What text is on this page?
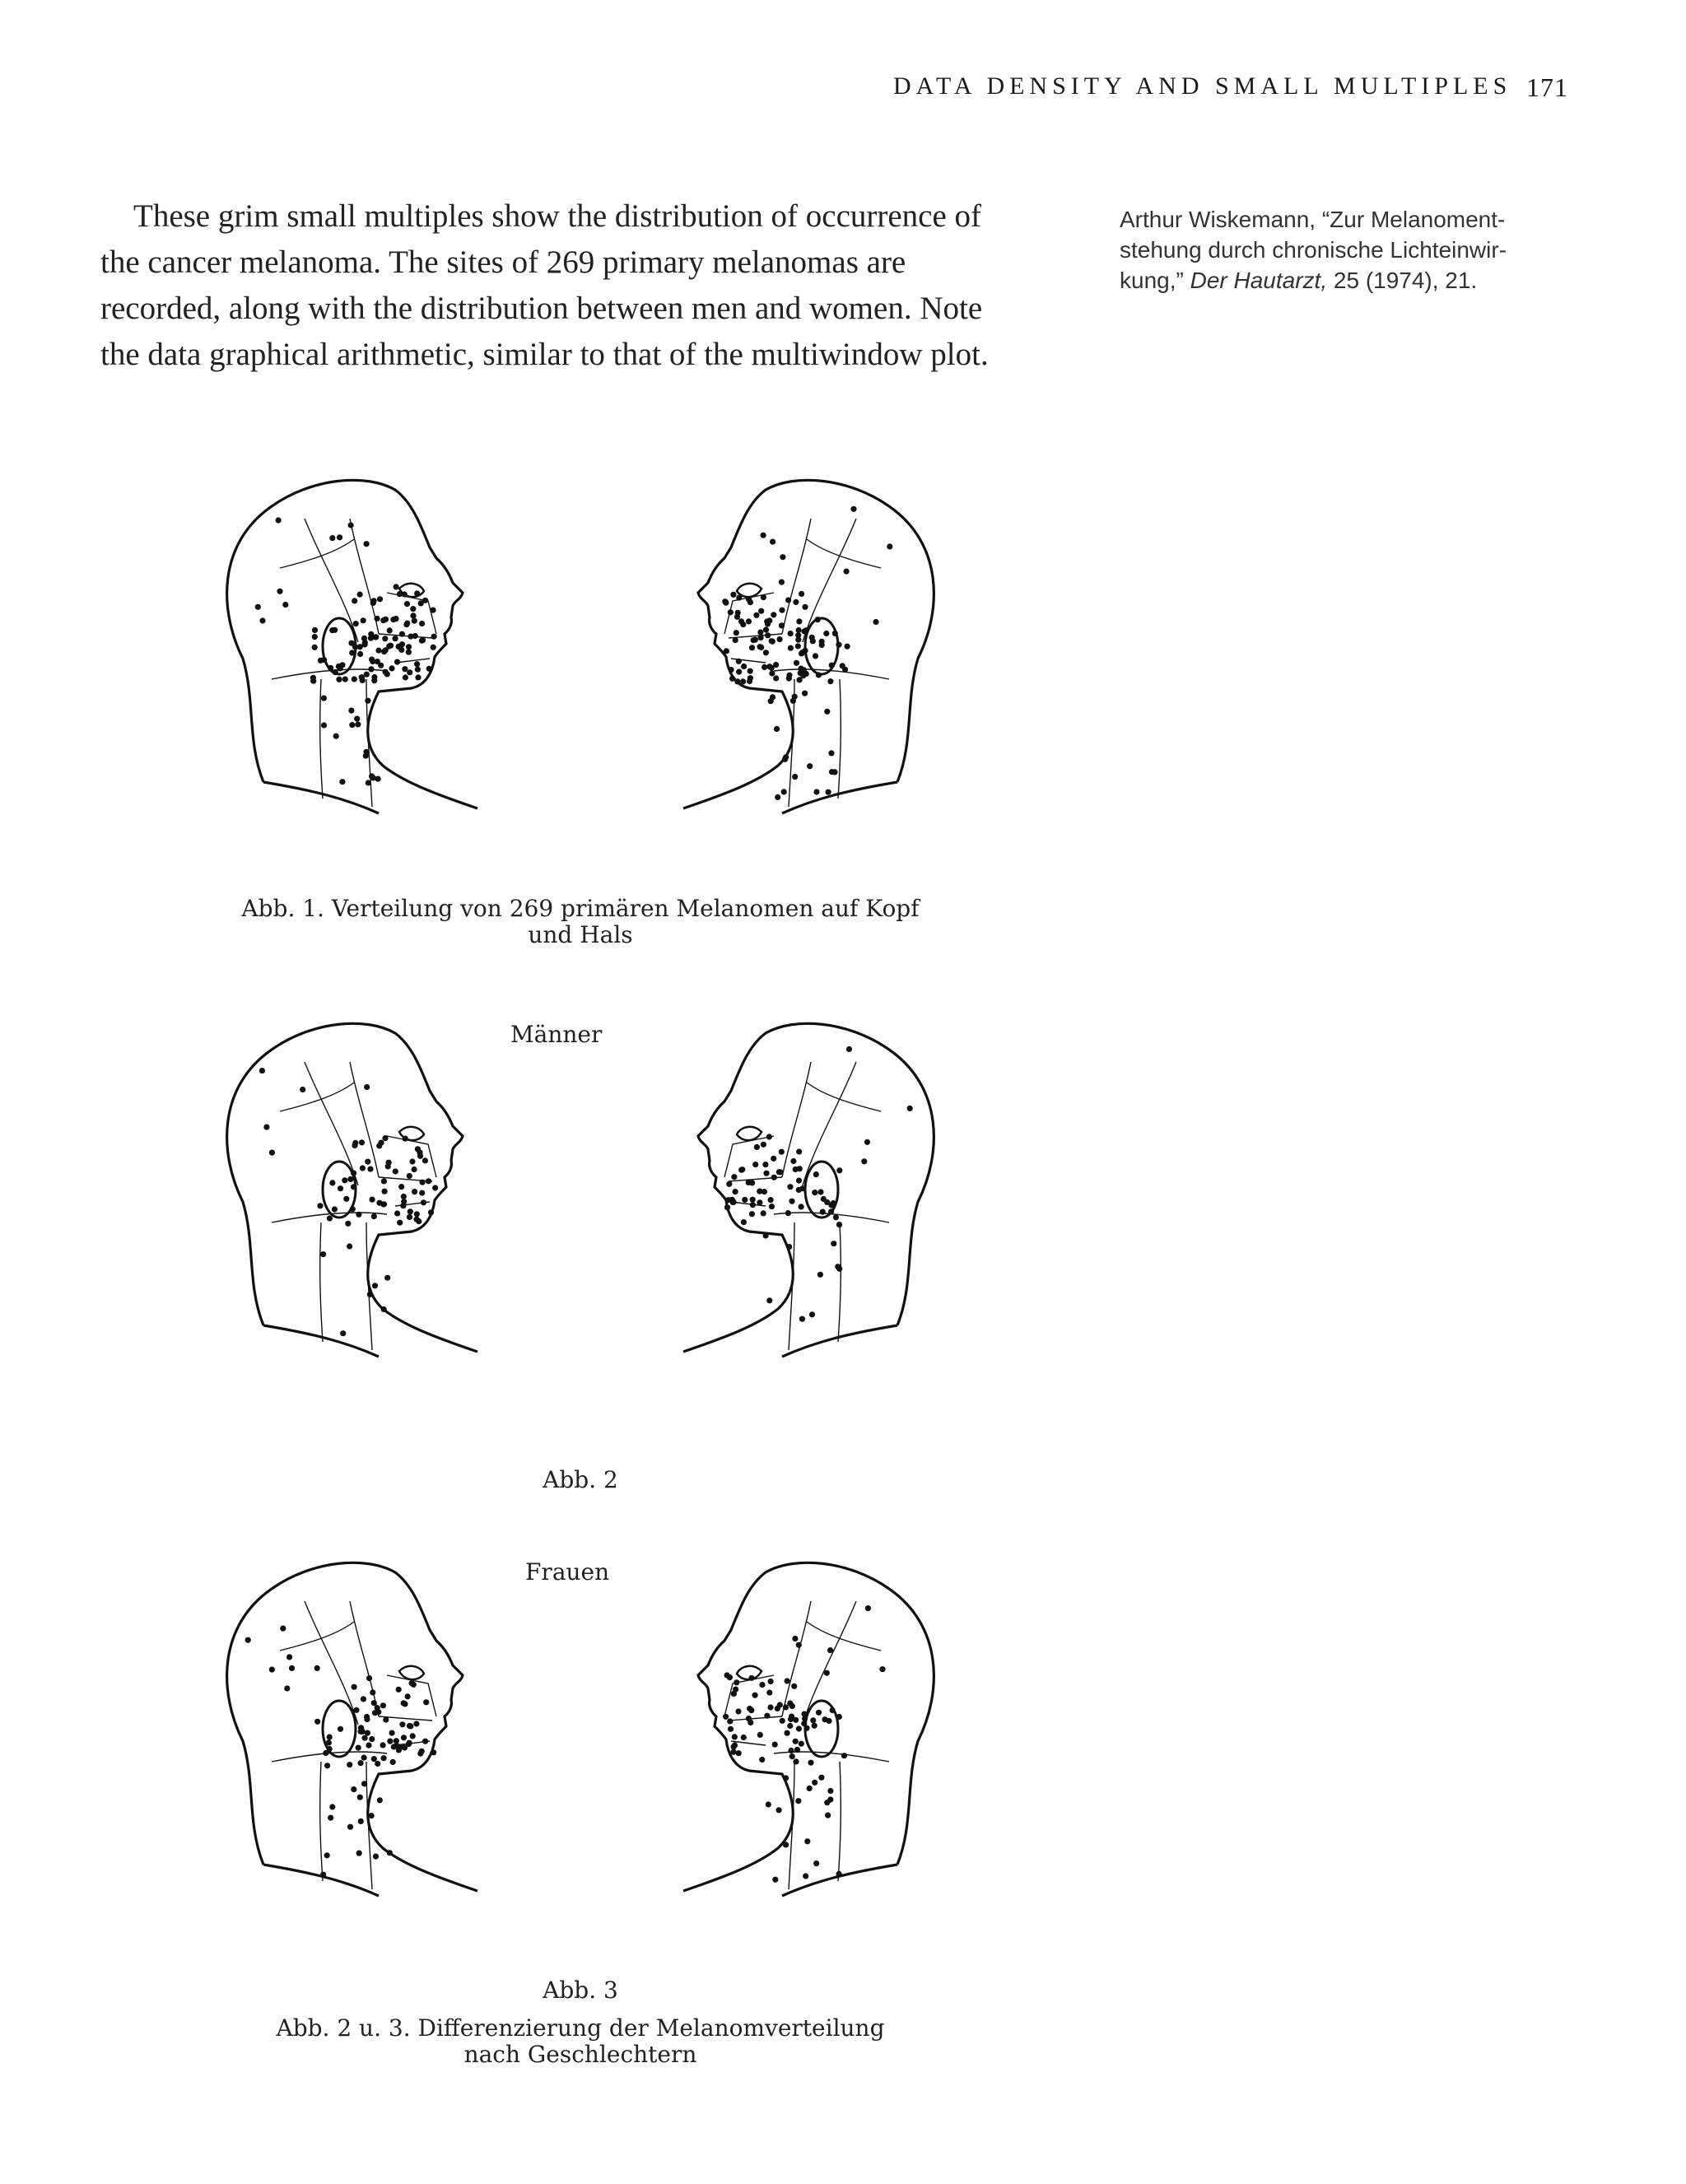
DATA DENSITY AND SMALL MULTIPLES 171

These grim small multiples show the distribution of occurrence of the cancer melanoma. The sites of 269 primary melanomas are recorded, along with the distribution between men and women. Note the data graphical arithmetic, similar to that of the multiwindow plot.

Arthur Wiskemann, “Zur Melanoment-stehung durch chronische Lichteinwir-kung,” Der Hautarzt, 25 (1974), 21.

Abb. 1. Verteilung von 269 primären Melanomen auf Kopf
und Hals
Männer
Abb. 2
Frauen
Abb. 3
Abb. 2 u. 3. Differenzierung der Melanomverteilung
nach Geschlechtern
